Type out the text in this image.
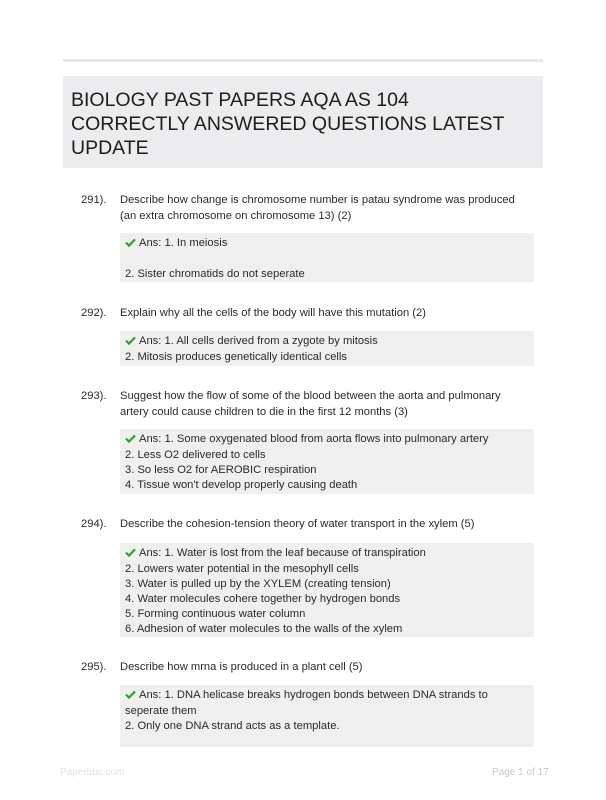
BIOLOGY PAST PAPERS AQA AS 104
CORRECTLY ANSWERED QUESTIONS LATEST
UPDATE
291). Describe how change is chromosome number is patau syndrome was produced (an extra chromosome on chromosome 13) (2)
Ans: 1. In meiosis
2. Sister chromatids do not seperate
292). Explain why all the cells of the body will have this mutation (2)
Ans: 1. All cells derived from a zygote by mitosis
2. Mitosis produces genetically identical cells
293). Suggest how the flow of some of the blood between the aorta and pulmonary artery could cause children to die in the first 12 months (3)
Ans: 1. Some oxygenated blood from aorta flows into pulmonary artery
2. Less O2 delivered to cells
3. So less O2 for AEROBIC respiration
4. Tissue won't develop properly causing death
294). Describe the cohesion-tension theory of water transport in the xylem (5)
Ans: 1. Water is lost from the leaf because of transpiration
2. Lowers water potential in the mesophyll cells
3. Water is pulled up by the XYLEM (creating tension)
4. Water molecules cohere together by hydrogen bonds
5. Forming continuous water column
6. Adhesion of water molecules to the walls of the xylem
295). Describe how mrna is produced in a plant cell (5)
Ans: 1. DNA helicase breaks hydrogen bonds between DNA strands to seperate them
2. Only one DNA strand acts as a template.
Paperbbc.com	Page 1 of 17
